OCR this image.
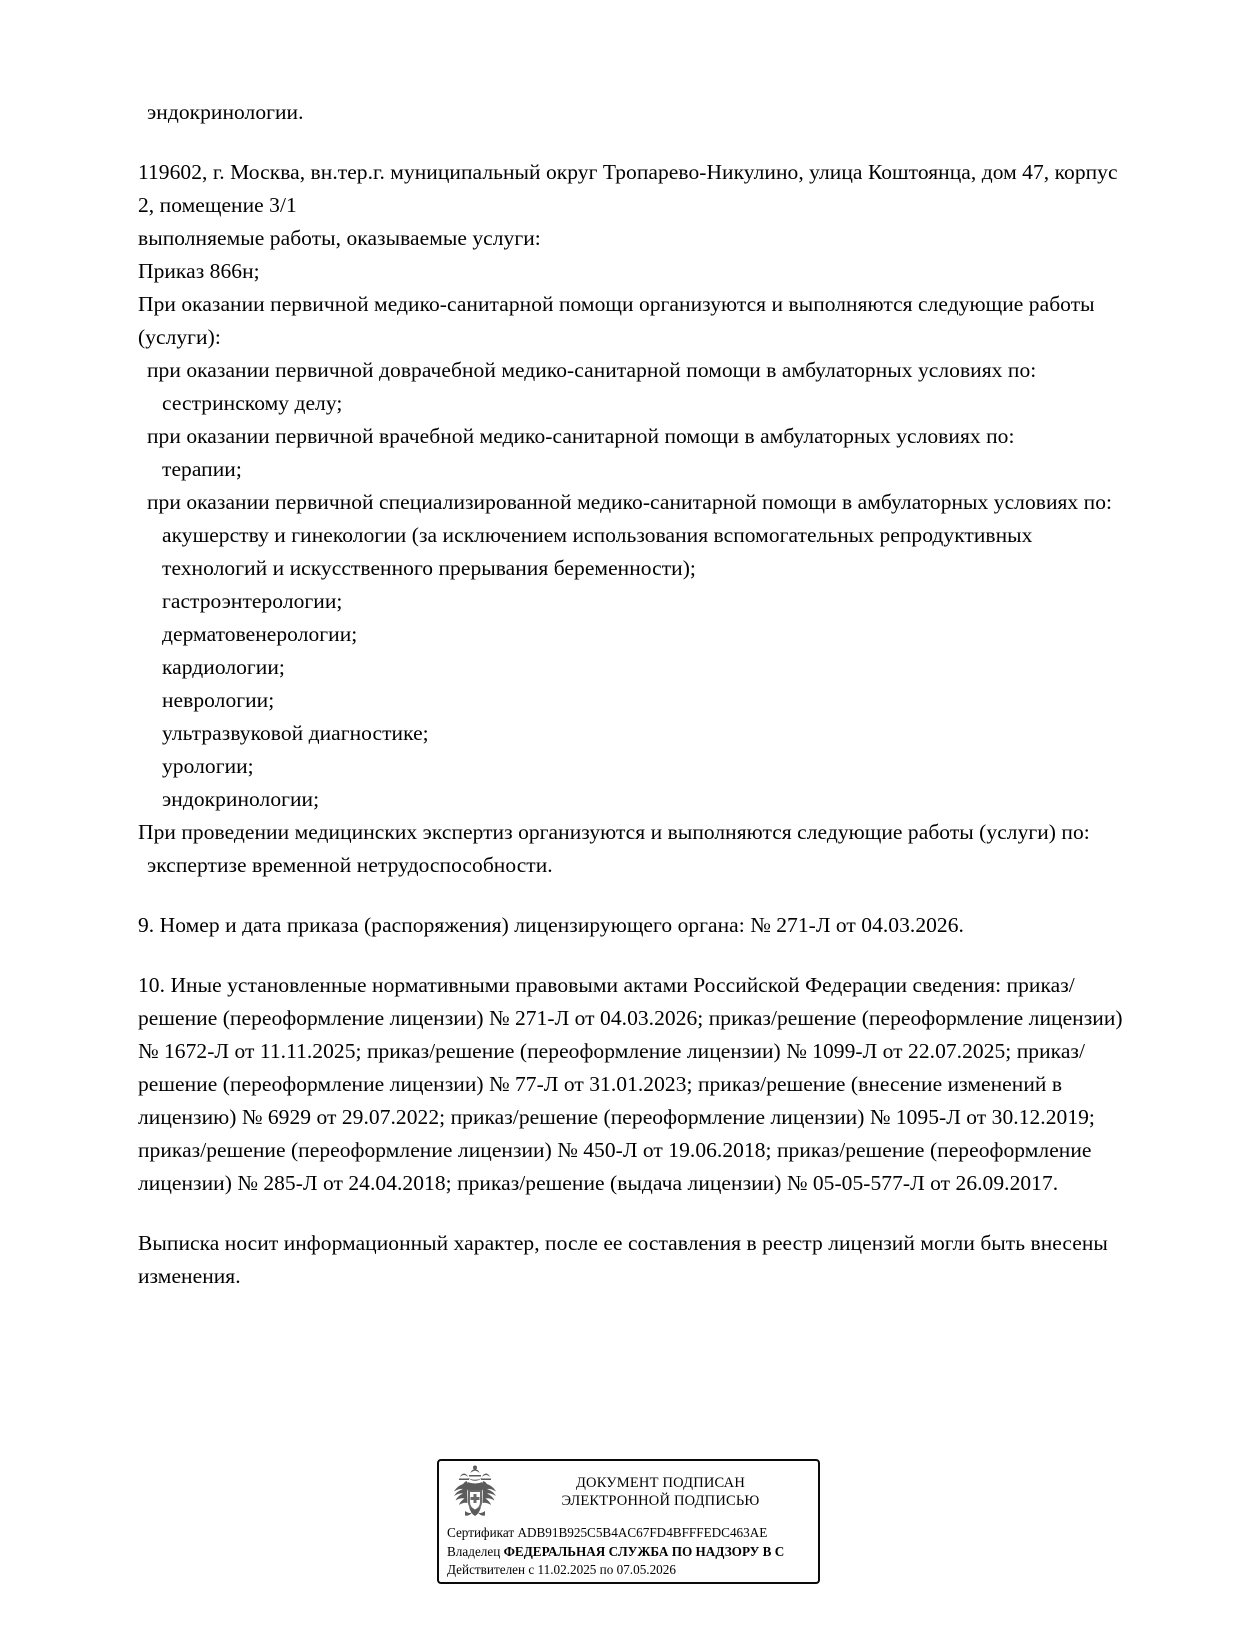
эндокринологии.

119602, г. Москва, вн.тер.г. муниципальный округ Тропарево-Никулино, улица Коштоянца, дом 47, корпус 2, помещение 3/1

выполняемые работы, оказываемые услуги:

Приказ 866н;

При оказании первичной медико-санитарной помощи организуются и выполняются следующие работы (услуги):

при оказании первичной доврачебной медико-санитарной помощи в амбулаторных условиях по:

сестринскому делу;

при оказании первичной врачебной медико-санитарной помощи в амбулаторных условиях по:

терапии;

при оказании первичной специализированной медико-санитарной помощи в амбулаторных условиях по:

акушерству и гинекологии (за исключением использования вспомогательных репродуктивных технологий и искусственного прерывания беременности);

гастроэнтерологии;

дерматовенерологии;

кардиологии;

неврологии;

ультразвуковой диагностике;

урологии;

эндокринологии;

При проведении медицинских экспертиз организуются и выполняются следующие работы (услуги) по:

экспертизе временной нетрудоспособности.

9. Номер и дата приказа (распоряжения) лицензирующего органа: № 271-Л от 04.03.2026.

10. Иные установленные нормативными правовыми актами Российской Федерации сведения: приказ/решение (переоформление лицензии) № 271-Л от 04.03.2026; приказ/решение (переоформление лицензии) № 1672-Л от 11.11.2025; приказ/решение (переоформление лицензии) № 1099-Л от 22.07.2025; приказ/решение (переоформление лицензии) № 77-Л от 31.01.2023; приказ/решение (внесение изменений в лицензию) № 6929 от 29.07.2022; приказ/решение (переоформление лицензии) № 1095-Л от 30.12.2019; приказ/решение (переоформление лицензии) № 450-Л от 19.06.2018; приказ/решение (переоформление лицензии) № 285-Л от 24.04.2018; приказ/решение (выдача лицензии) № 05-05-577-Л от 26.09.2017.

Выписка носит информационный характер, после ее составления в реестр лицензий могли быть внесены изменения.

ДОКУМЕНТ ПОДПИСАН
ЭЛЕКТРОННОЙ ПОДПИСЬЮ
Сертификат ADB91B925C5B4AC67FD4BFFFEDC463AE
Владелец ФЕДЕРАЛЬНАЯ СЛУЖБА ПО НАДЗОРУ В С
Действителен с 11.02.2025 по 07.05.2026
